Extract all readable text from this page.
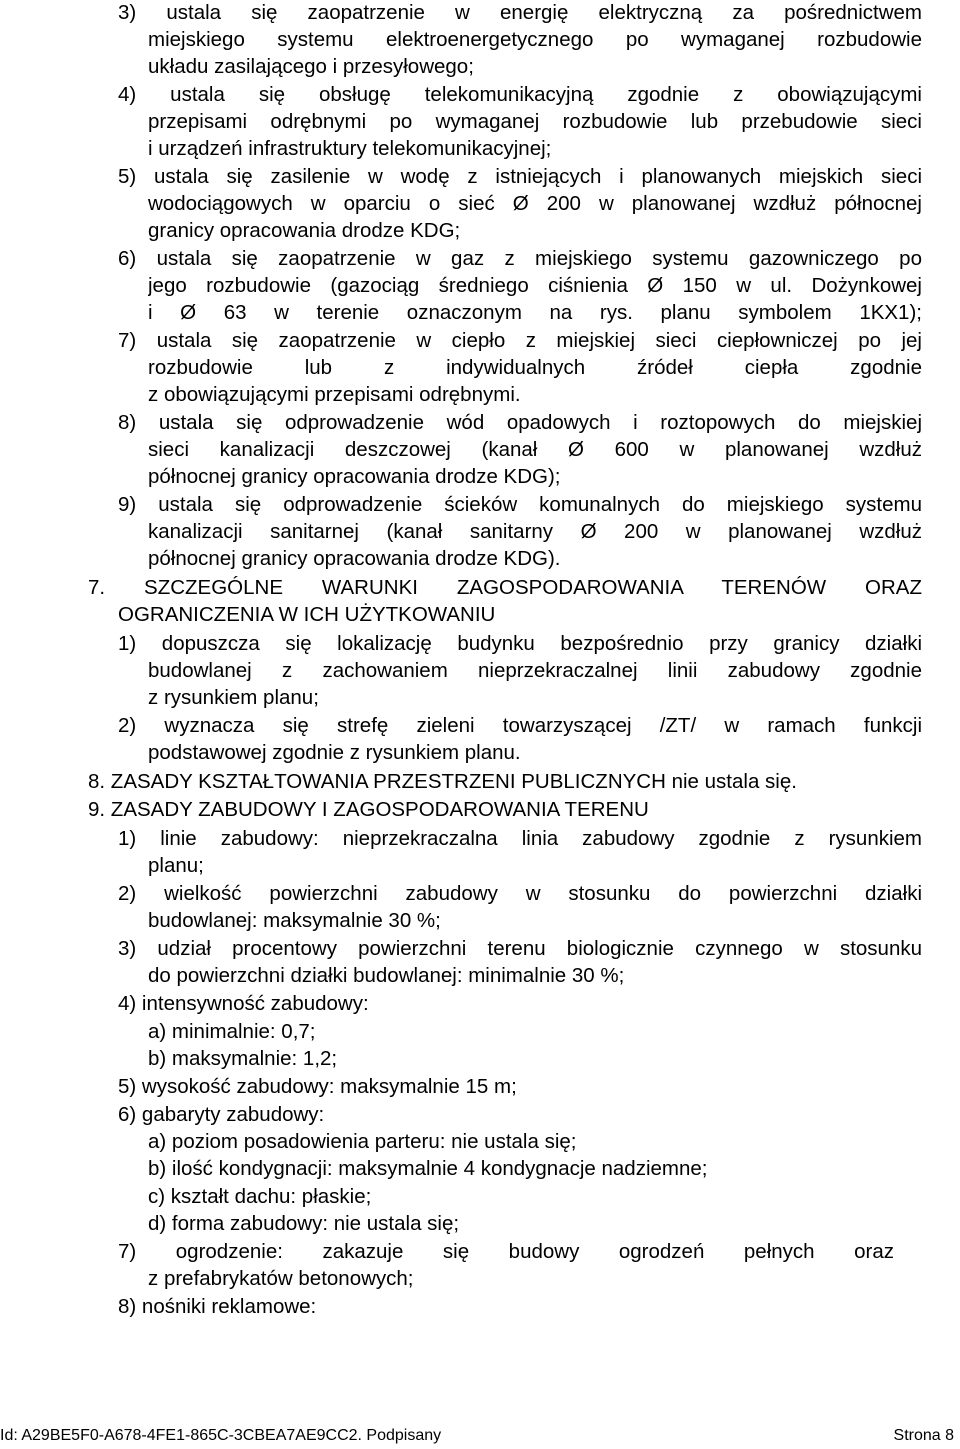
3) ustala się zaopatrzenie w energię elektryczną za pośrednictwem
miejskiego systemu elektroenergetycznego po wymaganej rozbudowie
układu zasilającego i przesyłowego;
4) ustala się obsługę telekomunikacyjną zgodnie z obowiązującymi
przepisami odrębnymi po wymaganej rozbudowie lub przebudowie sieci
i urządzeń infrastruktury telekomunikacyjnej;
5) ustala się zasilenie w wodę z istniejących i planowanych miejskich sieci
wodociągowych w oparciu o sieć Ø 200 w planowanej wzdłuż północnej
granicy opracowania drodze KDG;
6) ustala się zaopatrzenie w gaz z miejskiego systemu gazowniczego po
jego rozbudowie (gazociąg średniego ciśnienia Ø 150 w ul. Dożynkowej
i Ø 63 w terenie oznaczonym na rys. planu symbolem 1KX1);
7) ustala się zaopatrzenie w ciepło z miejskiej sieci ciepłowniczej po jej
rozbudowie lub z indywidualnych źródeł ciepła zgodnie
z obowiązującymi przepisami odrębnymi.
8) ustala się odprowadzenie wód opadowych i roztopowych do miejskiej
sieci kanalizacji deszczowej (kanał Ø 600 w planowanej wzdłuż
północnej granicy opracowania drodze KDG);
9) ustala się odprowadzenie ścieków komunalnych do miejskiego systemu
kanalizacji sanitarnej (kanał sanitarny Ø 200 w planowanej wzdłuż
północnej granicy opracowania drodze KDG).
7. SZCZEGÓLNE WARUNKI ZAGOSPODAROWANIA TERENÓW ORAZ
OGRANICZENIA W ICH UŻYTKOWANIU
1) dopuszcza się lokalizację budynku bezpośrednio przy granicy działki
budowlanej z zachowaniem nieprzekraczalnej linii zabudowy zgodnie
z rysunkiem planu;
2) wyznacza się strefę zieleni towarzyszącej /ZT/ w ramach funkcji
podstawowej zgodnie z rysunkiem planu.
8. ZASADY KSZTAŁTOWANIA PRZESTRZENI PUBLICZNYCH nie ustala się.
9. ZASADY ZABUDOWY I ZAGOSPODAROWANIA TERENU
1) linie zabudowy: nieprzekraczalna linia zabudowy zgodnie z rysunkiem
planu;
2) wielkość powierzchni zabudowy w stosunku do powierzchni działki
budowlanej: maksymalnie 30 %;
3) udział procentowy powierzchni terenu biologicznie czynnego w stosunku
do powierzchni działki budowlanej: minimalnie 30 %;
4) intensywność zabudowy:
a) minimalnie: 0,7;
b) maksymalnie: 1,2;
5) wysokość zabudowy: maksymalnie 15 m;
6) gabaryty zabudowy:
a) poziom posadowienia parteru: nie ustala się;
b) ilość kondygnacji: maksymalnie 4 kondygnacje nadziemne;
c) kształt dachu: płaskie;
d) forma zabudowy: nie ustala się;
7) ogrodzenie: zakazuje się budowy ogrodzeń pełnych oraz
z prefabrykatów betonowych;
8) nośniki reklamowe:
Id: A29BE5F0-A678-4FE1-865C-3CBEA7AE9CC2. Podpisany	Strona 8
